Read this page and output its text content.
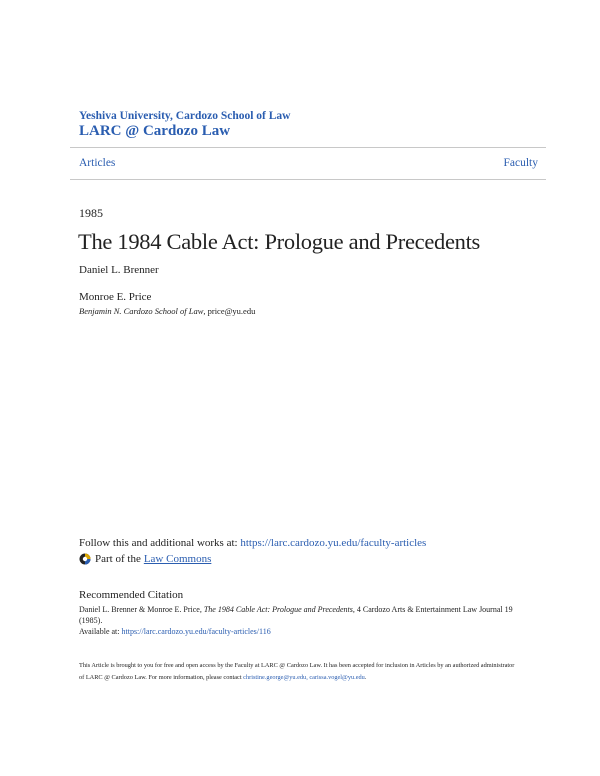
Yeshiva University, Cardozo School of Law
LARC @ Cardozo Law
Articles	Faculty
1985
The 1984 Cable Act: Prologue and Precedents
Daniel L. Brenner
Monroe E. Price
Benjamin N. Cardozo School of Law, price@yu.edu
Follow this and additional works at: https://larc.cardozo.yu.edu/faculty-articles
Part of the Law Commons
Recommended Citation
Daniel L. Brenner & Monroe E. Price, The 1984 Cable Act: Prologue and Precedents, 4 Cardozo Arts & Entertainment Law Journal 19 (1985).
Available at: https://larc.cardozo.yu.edu/faculty-articles/116
This Article is brought to you for free and open access by the Faculty at LARC @ Cardozo Law. It has been accepted for inclusion in Articles by an authorized administrator of LARC @ Cardozo Law. For more information, please contact christine.george@yu.edu, carissa.vogel@yu.edu.
